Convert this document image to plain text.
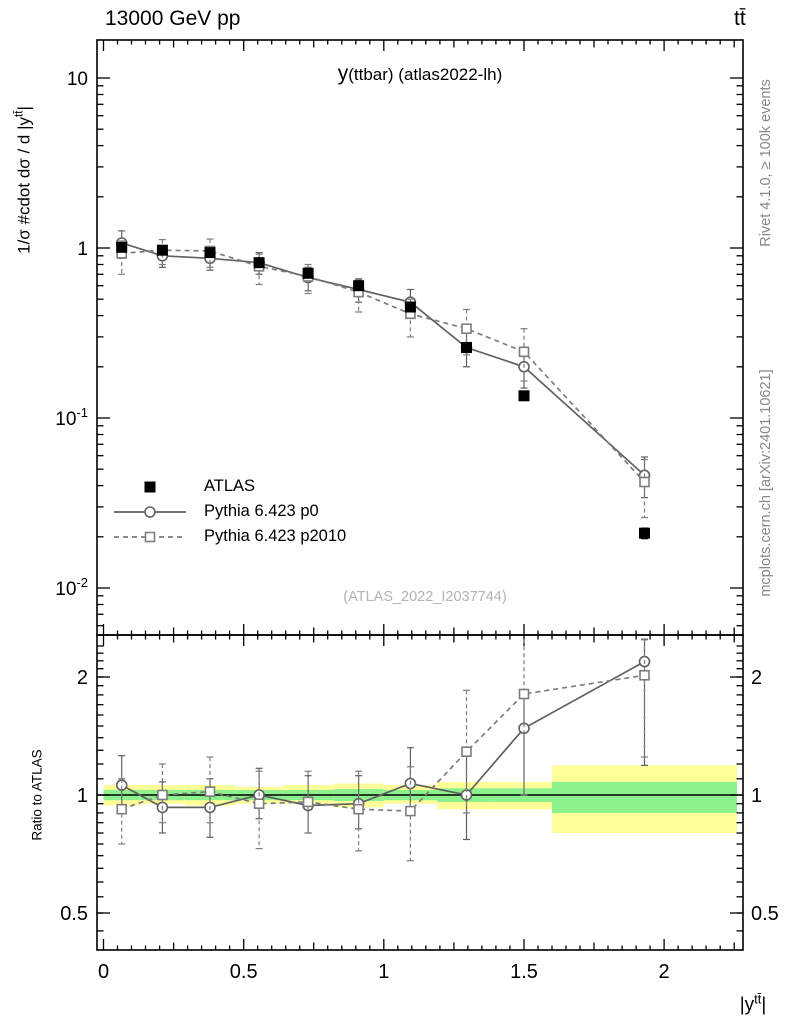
0	0.5	1	1.5	2
10
1
$10^{-1}$
$10^{-2}$
2	2
1	1
0.5	0.5
13000 GeV pp	tt̄
y(ttbar) (atlas2022-lh)
1/σ #cdot dσ / d $|y^{tt̄}|$
Ratio to ATLAS
Rivet 4.1.0, ≥ 100k events
mcplots.cern.ch [arXiv:2401.10621]
(ATLAS_2022_I2037744)
$|y^{tt̄}|$
ATLAS
Pythia 6.423 p0
Pythia 6.423 p2010
